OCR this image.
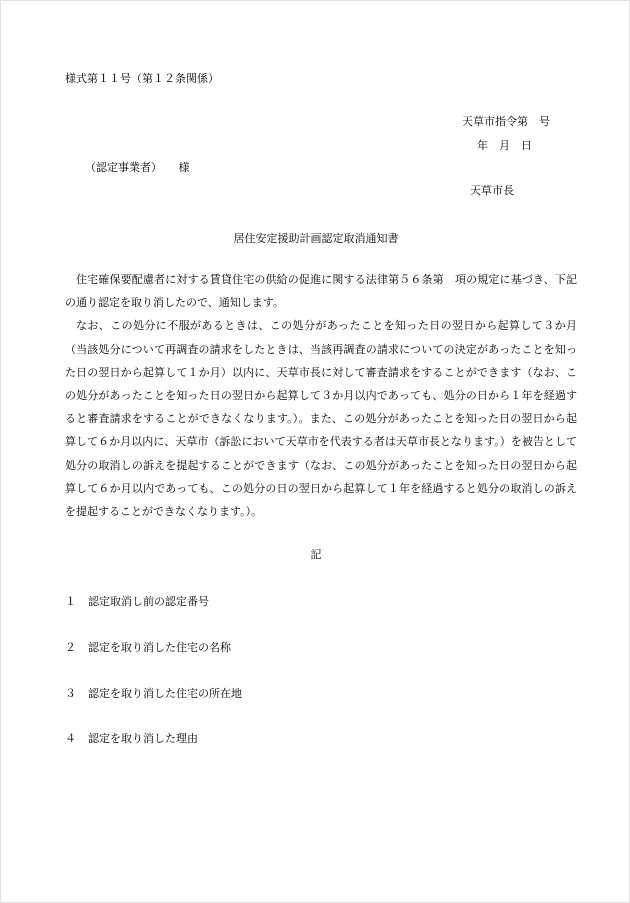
様式第１１号（第１２条関係）
天草市指令第　号
年　月　日
（認定事業者）　　様
天草市長
居住安定援助計画認定取消通知書

住宅確保要配慮者に対する賃貸住宅の供給の促進に関する法律第５６条第　項の規定に基づき、下記の通り認定を取り消したので、通知します。

なお、この処分に不服があるときは、この処分があったことを知った日の翌日から起算して３か月（当該処分について再調査の請求をしたときは、当該再調査の請求についての決定があったことを知った日の翌日から起算して１か月）以内に、天草市長に対して審査請求をすることができます（なお、この処分があったことを知った日の翌日から起算して３か月以内であっても、処分の日から１年を経過すると審査請求をすることができなくなります。）。また、この処分があったことを知った日の翌日から起算して６か月以内に、天草市（訴訟において天草市を代表する者は天草市長となります。）を被告として処分の取消しの訴えを提起することができます（なお、この処分があったことを知った日の翌日から起算して６か月以内であっても、この処分の日の翌日から起算して１年を経過すると処分の取消しの訴えを提起することができなくなります。）。

記
１ 認定取消し前の認定番号
２ 認定を取り消した住宅の名称
３ 認定を取り消した住宅の所在地
４ 認定を取り消した理由
